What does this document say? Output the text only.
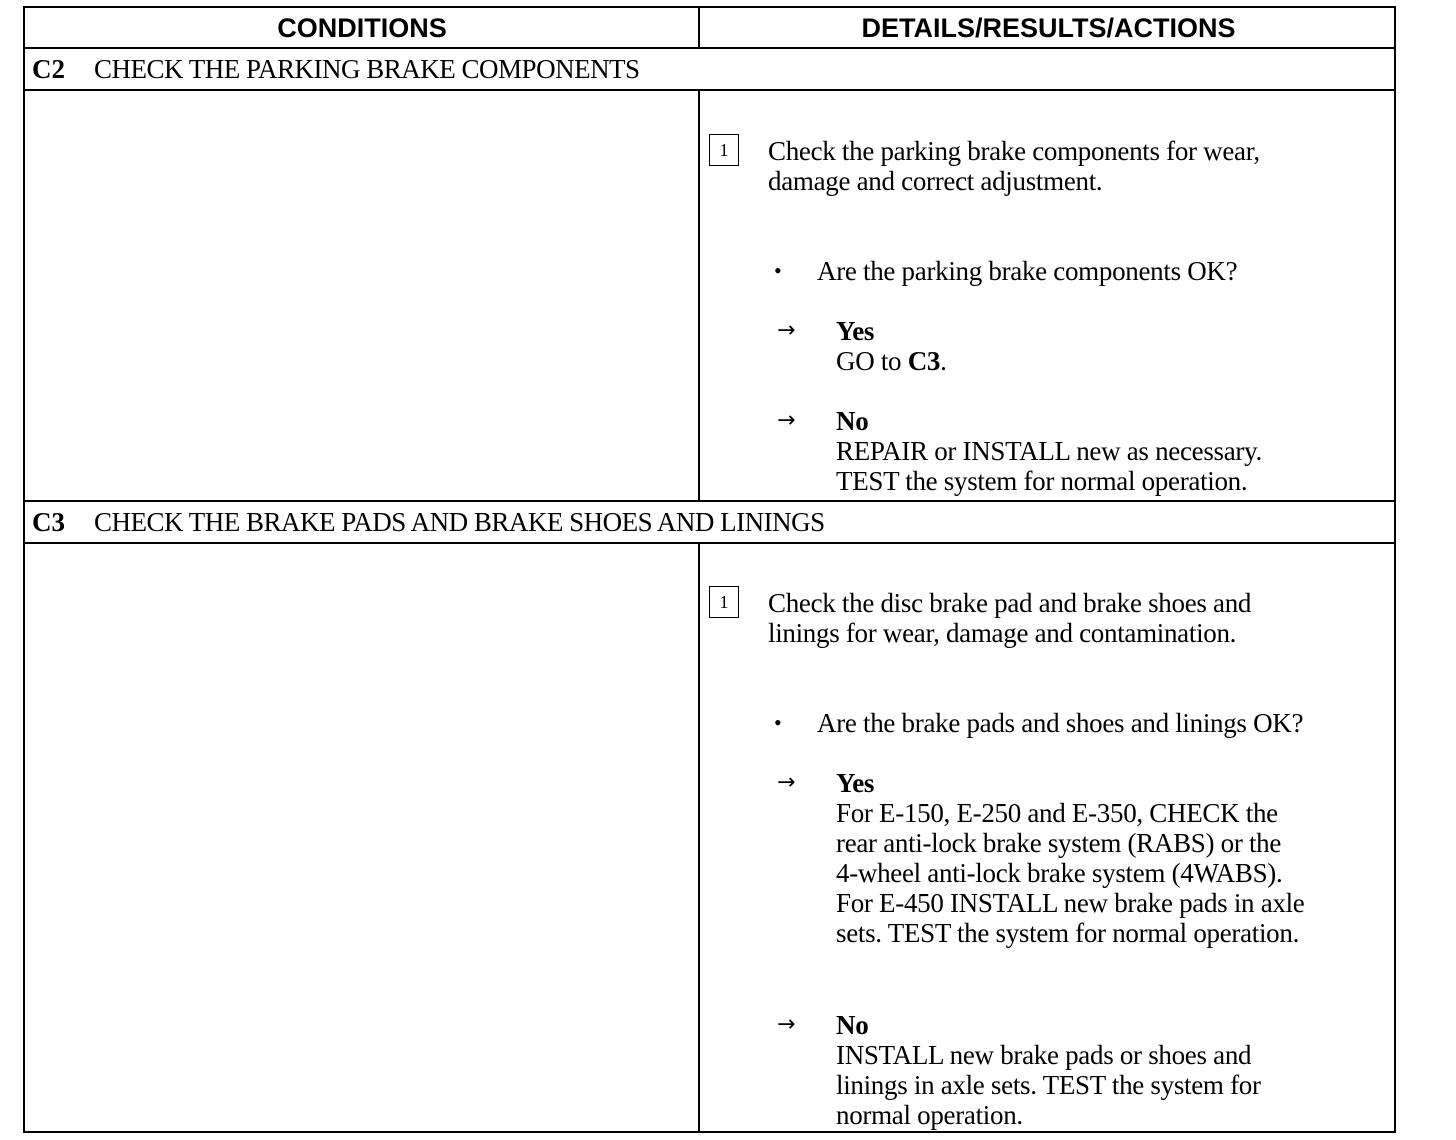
CONDITIONS	DETAILS/RESULTS/ACTIONS
C2	CHECK THE PARKING BRAKE COMPONENTS
1	Check the parking brake components for wear,
damage and correct adjustment.
• Are the parking brake components OK?
→ Yes
GO to C3.
→ No
REPAIR or INSTALL new as necessary.
TEST the system for normal operation.
C3	CHECK THE BRAKE PADS AND BRAKE SHOES AND LININGS
1	Check the disc brake pad and brake shoes and
linings for wear, damage and contamination.
• Are the brake pads and shoes and linings OK?
→ Yes
For E-150, E-250 and E-350, CHECK the
rear anti-lock brake system (RABS) or the
4-wheel anti-lock brake system (4WABS).
For E-450 INSTALL new brake pads in axle
sets. TEST the system for normal operation.
→ No
INSTALL new brake pads or shoes and
linings in axle sets. TEST the system for
normal operation.
